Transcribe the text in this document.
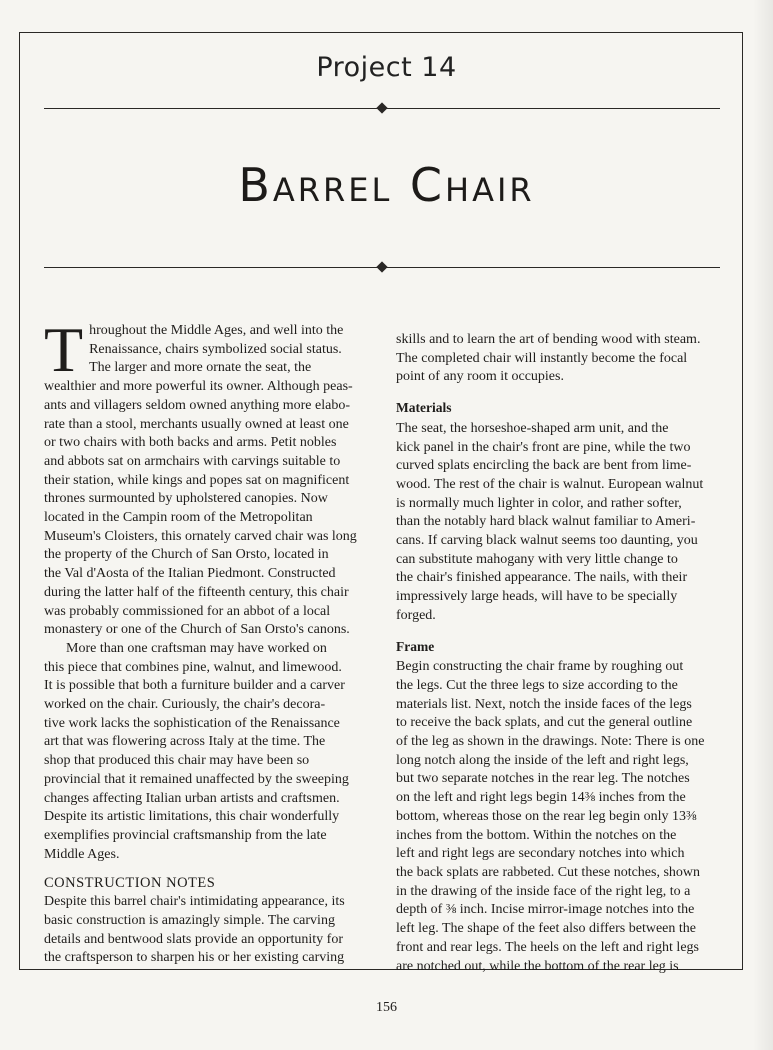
Project 14
Barrel Chair

T hroughout the Middle Ages, and well into the
Renaissance, chairs symbolized social status.
The larger and more ornate the seat, the
wealthier and more powerful its owner. Although peas-
ants and villagers seldom owned anything more elabo-
rate than a stool, merchants usually owned at least one
or two chairs with both backs and arms. Petit nobles
and abbots sat on armchairs with carvings suitable to
their station, while kings and popes sat on magnificent
thrones surmounted by upholstered canopies. Now
located in the Campin room of the Metropolitan
Museum's Cloisters, this ornately carved chair was long
the property of the Church of San Orsto, located in
the Val d'Aosta of the Italian Piedmont. Constructed
during the latter half of the fifteenth century, this chair
was probably commissioned for an abbot of a local
monastery or one of the Church of San Orsto's canons.

More than one craftsman may have worked on
this piece that combines pine, walnut, and limewood.
It is possible that both a furniture builder and a carver
worked on the chair. Curiously, the chair's decora-
tive work lacks the sophistication of the Renaissance
art that was flowering across Italy at the time. The
shop that produced this chair may have been so
provincial that it remained unaffected by the sweeping
changes affecting Italian urban artists and craftsmen.
Despite its artistic limitations, this chair wonderfully
exemplifies provincial craftsmanship from the late
Middle Ages.

CONSTRUCTION NOTES

Despite this barrel chair's intimidating appearance, its
basic construction is amazingly simple. The carving
details and bentwood slats provide an opportunity for
the craftsperson to sharpen his or her existing carving

skills and to learn the art of bending wood with steam.
The completed chair will instantly become the focal
point of any room it occupies.

Materials

The seat, the horseshoe-shaped arm unit, and the
kick panel in the chair's front are pine, while the two
curved splats encircling the back are bent from lime-
wood. The rest of the chair is walnut. European walnut
is normally much lighter in color, and rather softer,
than the notably hard black walnut familiar to Ameri-
cans. If carving black walnut seems too daunting, you
can substitute mahogany with very little change to
the chair's finished appearance. The nails, with their
impressively large heads, will have to be specially
forged.

Frame

Begin constructing the chair frame by roughing out
the legs. Cut the three legs to size according to the
materials list. Next, notch the inside faces of the legs
to receive the back splats, and cut the general outline
of the leg as shown in the drawings. Note: There is one
long notch along the inside of the left and right legs,
but two separate notches in the rear leg. The notches
on the left and right legs begin 14⅜ inches from the
bottom, whereas those on the rear leg begin only 13⅜
inches from the bottom. Within the notches on the
left and right legs are secondary notches into which
the back splats are rabbeted. Cut these notches, shown
in the drawing of the inside face of the right leg, to a
depth of ⅜ inch. Incise mirror-image notches into the
left leg. The shape of the feet also differs between the
front and rear legs. The heels on the left and right legs
are notched out, while the bottom of the rear leg is

156
